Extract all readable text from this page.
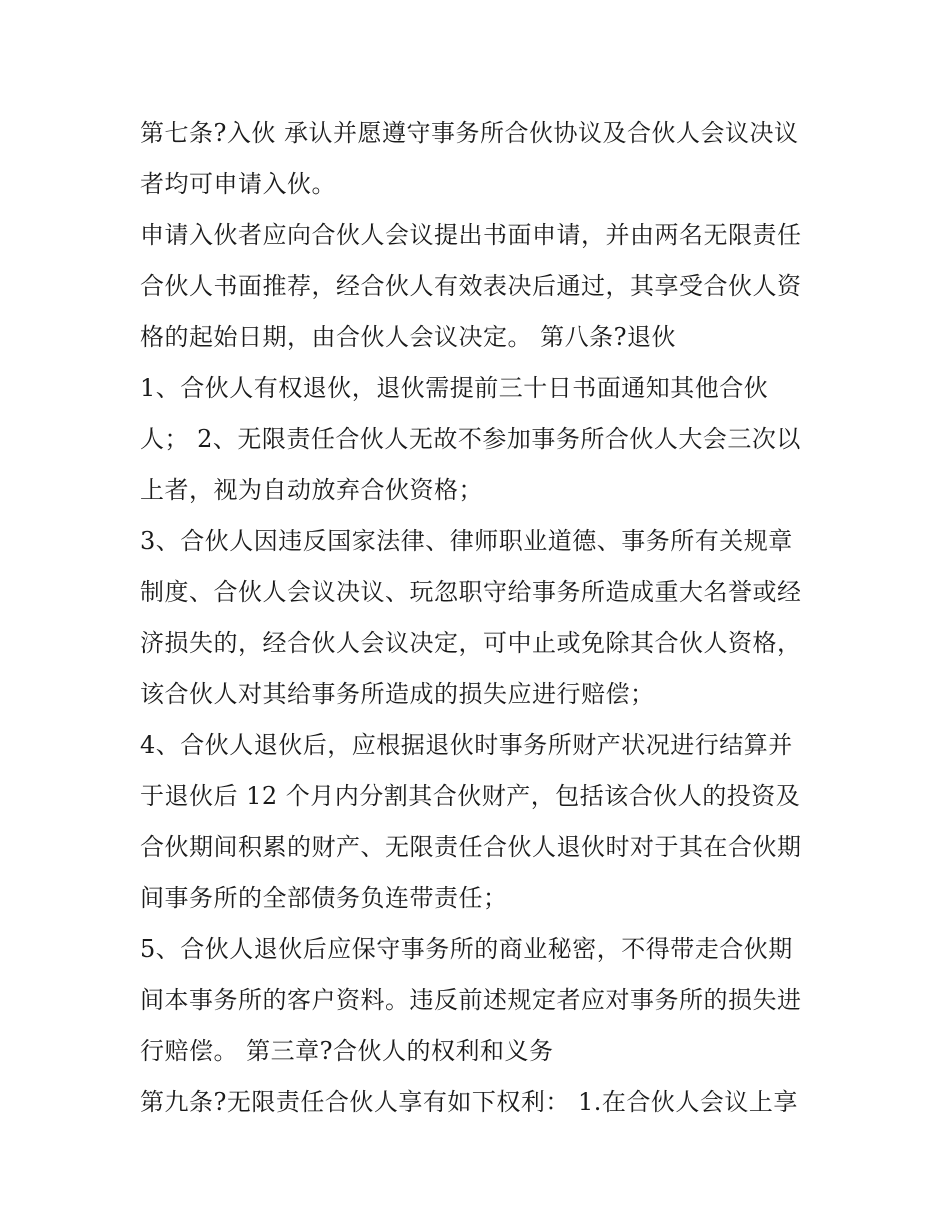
第七条?入伙 承认并愿遵守事务所合伙协议及合伙人会议决议
者均可申请入伙。
申请入伙者应向合伙人会议提出书面申请，并由两名无限责任
合伙人书面推荐，经合伙人有效表决后通过，其享受合伙人资
格的起始日期，由合伙人会议决定。 第八条?退伙
1、合伙人有权退伙，退伙需提前三十日书面通知其他合伙
人； 2、无限责任合伙人无故不参加事务所合伙人大会三次以
上者，视为自动放弃合伙资格；
3、合伙人因违反国家法律、律师职业道德、事务所有关规章
制度、合伙人会议决议、玩忽职守给事务所造成重大名誉或经
济损失的，经合伙人会议决定，可中止或免除其合伙人资格，
该合伙人对其给事务所造成的损失应进行赔偿；
4、合伙人退伙后，应根据退伙时事务所财产状况进行结算并
于退伙后 12 个月内分割其合伙财产，包括该合伙人的投资及
合伙期间积累的财产、无限责任合伙人退伙时对于其在合伙期
间事务所的全部债务负连带责任；
5、合伙人退伙后应保守事务所的商业秘密，不得带走合伙期
间本事务所的客户资料。违反前述规定者应对事务所的损失进
行赔偿。 第三章?合伙人的权利和义务
第九条?无限责任合伙人享有如下权利： 1.在合伙人会议上享
